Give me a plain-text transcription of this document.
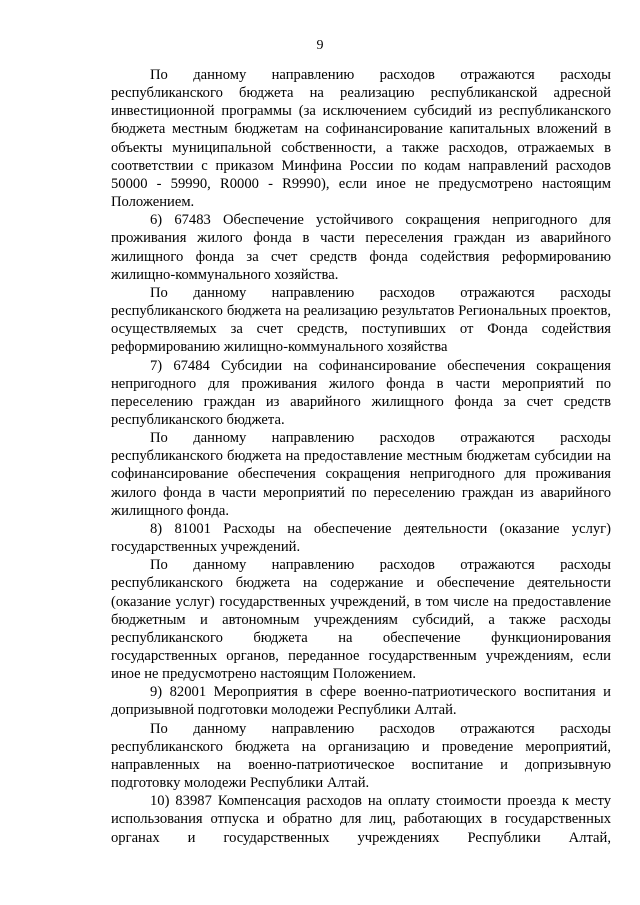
9

По данному направлению расходов отражаются расходы республиканского бюджета на реализацию республиканской адресной инвестиционной программы (за исключением субсидий из республиканского бюджета местным бюджетам на софинансирование капитальных вложений в объекты муниципальной собственности, а также расходов, отражаемых в соответствии с приказом Минфина России по кодам направлений расходов 50000 - 59990, R0000 - R9990), если иное не предусмотрено настоящим Положением.

6) 67483 Обеспечение устойчивого сокращения непригодного для проживания жилого фонда в части переселения граждан из аварийного жилищного фонда за счет средств фонда содействия реформированию жилищно-коммунального хозяйства.

По данному направлению расходов отражаются расходы республиканского бюджета на реализацию результатов Региональных проектов, осуществляемых за счет средств, поступивших от Фонда содействия реформированию жилищно-коммунального хозяйства

7) 67484 Субсидии на софинансирование обеспечения сокращения непригодного для проживания жилого фонда в части мероприятий по переселению граждан из аварийного жилищного фонда за счет средств республиканского бюджета.

По данному направлению расходов отражаются расходы республиканского бюджета на предоставление местным бюджетам субсидии на софинансирование обеспечения сокращения непригодного для проживания жилого фонда в части мероприятий по переселению граждан из аварийного жилищного фонда.

8) 81001 Расходы на обеспечение деятельности (оказание услуг) государственных учреждений.

По данному направлению расходов отражаются расходы республиканского бюджета на содержание и обеспечение деятельности (оказание услуг) государственных учреждений, в том числе на предоставление бюджетным и автономным учреждениям субсидий, а также расходы республиканского бюджета на обеспечение функционирования государственных органов, переданное государственным учреждениям, если иное не предусмотрено настоящим Положением.

9) 82001 Мероприятия в сфере военно-патриотического воспитания и допризывной подготовки молодежи Республики Алтай.

По данному направлению расходов отражаются расходы республиканского бюджета на организацию и проведение мероприятий, направленных на военно-патриотическое воспитание и допризывную подготовку молодежи Республики Алтай.

10) 83987 Компенсация расходов на оплату стоимости проезда к месту использования отпуска и обратно для лиц, работающих в государственных органах и государственных учреждениях Республики Алтай,
